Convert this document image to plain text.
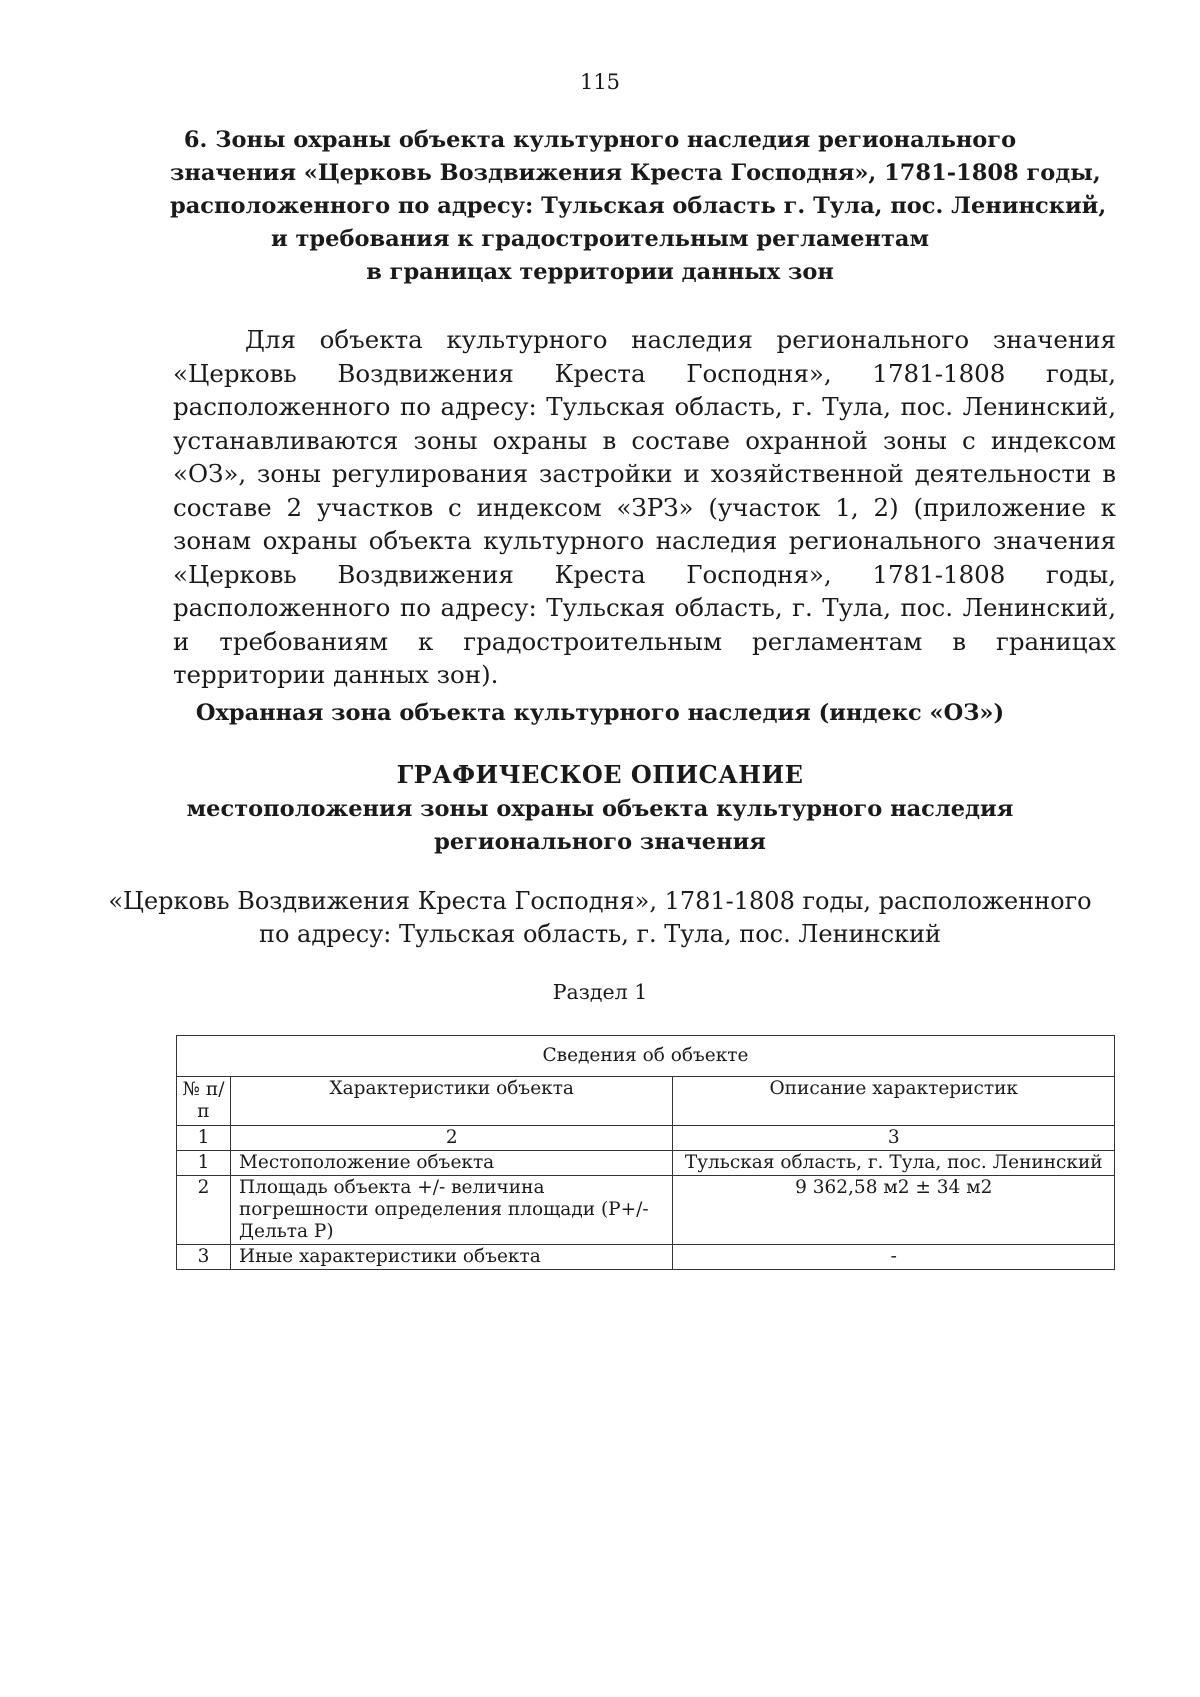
115
6. Зоны охраны объекта культурного наследия регионального
значения «Церковь Воздвижения Креста Господня», 1781-1808 годы,
расположенного по адресу: Тульская область г. Тула, пос. Ленинский,
и требования к градостроительным регламентам
в границах территории данных зон

Для объекта культурного наследия регионального значения «Церковь Воздвижения Креста Господня», 1781-1808 годы, расположенного по адресу: Тульская область, г. Тула, пос. Ленинский, устанавливаются зоны охраны в составе охранной зоны с индексом «ОЗ», зоны регулирования застройки и хозяйственной деятельности в составе 2 участков с индексом «ЗРЗ» (участок 1, 2) (приложение к зонам охраны объекта культурного наследия регионального значения «Церковь Воздвижения Креста Господня», 1781-1808 годы, расположенного по адресу: Тульская область, г. Тула, пос. Ленинский, и требованиям к градостроительным регламентам в границах территории данных зон).

Охранная зона объекта культурного наследия (индекс «ОЗ»)
ГРАФИЧЕСКОЕ ОПИСАНИЕ
местоположения зоны охраны объекта культурного наследия
регионального значения
«Церковь Воздвижения Креста Господня», 1781-1808 годы, расположенного
по адресу: Тульская область, г. Тула, пос. Ленинский
Раздел 1
Сведения об объекте		
№ п/п	Характеристики объекта	Описание характеристик
1	2	3
1	Местоположение объекта	Тульская область, г. Тула, пос. Ленинский
2	Площадь объекта +/- величина погрешности определения площади (Р+/- Дельта Р)	9 362,58 м2 ± 34 м2
3	Иные характеристики объекта	-
